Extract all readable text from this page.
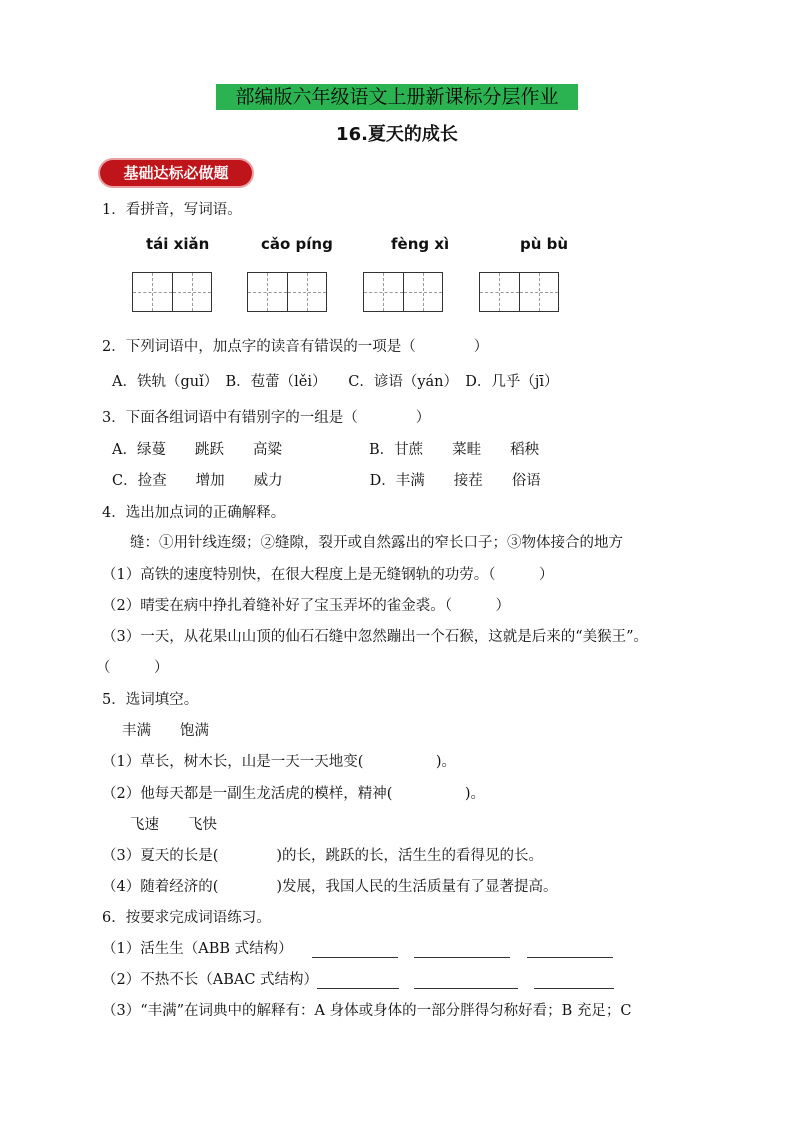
部编版六年级语文上册新课标分层作业
16.夏天的成长
基础达标必做题
1．看拼音，写词语。
tái xiǎn	cǎo píng	fèng xì	pù bù
2．下列词语中，加点字的读音有错误的一项是（　　　　）
A．铁轨（guǐ）　B．苞蕾（lěi）　　C．谚语（yán）　D．几乎（jī）
3．下面各组词语中有错别字的一组是（　　　　）
A．绿蔓　　跳跃　　高粱　　　　　　B．甘蔗　　菜畦　　稻秧
C．捡查　　增加　　威力　　　　　　D．丰满　　接茬　　俗语
4．选出加点词的正确解释。
缝：①用针线连缀；②缝隙，裂开或自然露出的窄长口子；③物体接合的地方
（1）高铁的速度特别快，在很大程度上是无缝钢轨的功劳。（　　　）
（2）晴雯在病中挣扎着缝补好了宝玉弄坏的雀金裘。（　　　）
（3）一天，从花果山山顶的仙石石缝中忽然蹦出一个石猴，这就是后来的“美猴王”。
（　　　）
5．选词填空。
丰满　　饱满
（1）草长，树木长，山是一天一天地变(　　　　　)。
（2）他每天都是一副生龙活虎的模样，精神(　　　　　)。
飞速　　飞快
（3）夏天的长是(　　　　)的长，跳跃的长，活生生的看得见的长。
（4）随着经济的(　　　　)发展，我国人民的生活质量有了显著提高。
6．按要求完成词语练习。
（1）活生生（ABB 式结构）
（2）不热不长（ABAC 式结构）
（3）“丰满”在词典中的解释有：A 身体或身体的一部分胖得匀称好看；B 充足；C
